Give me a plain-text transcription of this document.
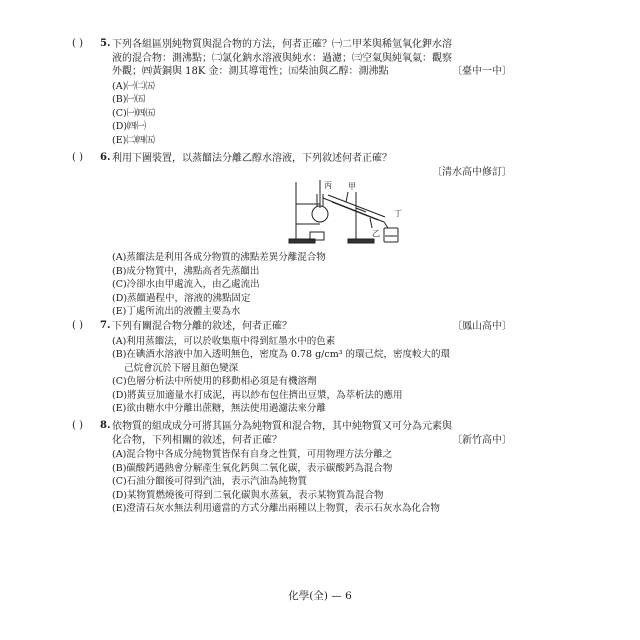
( ) 5. 下列各組區別純物質與混合物的方法，何者正確？㈠二甲苯與稀氫氧化鉀水溶
液的混合物：測沸點；㈡氯化鈉水溶液與純水：過濾；㈢空氣與純氧氣：觀察
外觀；㈣黃銅與 18K 金：測其導電性；㈤柴油與乙醇：測沸點	〔臺中一中〕
(A)㈠㈡㈤
(B)㈠㈤
(C)㈠㈣㈤
(D)㈣㈠
(E)㈡㈣㈤
( ) 6. 利用下圖裝置，以蒸餾法分離乙醇水溶液，下列敘述何者正確？
〔清水高中修訂〕
丙 甲
乙
丁
(A)蒸餾法是利用各成分物質的沸點差異分離混合物
(B)成分物質中，沸點高者先蒸餾出
(C)冷卻水由甲處流入，由乙處流出
(D)蒸餾過程中，溶液的沸點固定
(E)丁處所流出的液體主要為水
( ) 7. 下列有關混合物分離的敘述，何者正確？	〔鳳山高中〕
(A)利用蒸餾法，可以於收集瓶中得到紅墨水中的色素
(B)在碘酒水溶液中加入透明無色，密度為 0.78 g/cm³ 的環己烷，密度較大的環
己烷會沉於下層且顏色變深
(C)色層分析法中所使用的移動相必須是有機溶劑
(D)將黃豆加適量水打成泥，再以紗布包住擠出豆漿，為萃析法的應用
(E)欲由糖水中分離出蔗糖，無法使用過濾法來分離
( ) 8. 依物質的組成成分可將其區分為純物質和混合物，其中純物質又可分為元素與
化合物，下列相關的敘述，何者正確？	〔新竹高中〕
(A)混合物中各成分純物質皆保有自身之性質，可用物理方法分離之
(B)碳酸鈣遇熱會分解產生氧化鈣與二氧化碳，表示碳酸鈣為混合物
(C)石油分餾後可得到汽油，表示汽油為純物質
(D)某物質燃燒後可得到二氧化碳與水蒸氣，表示某物質為混合物
(E)澄清石灰水無法利用適當的方式分離出兩種以上物質，表示石灰水為化合物
化學(全) — 6
